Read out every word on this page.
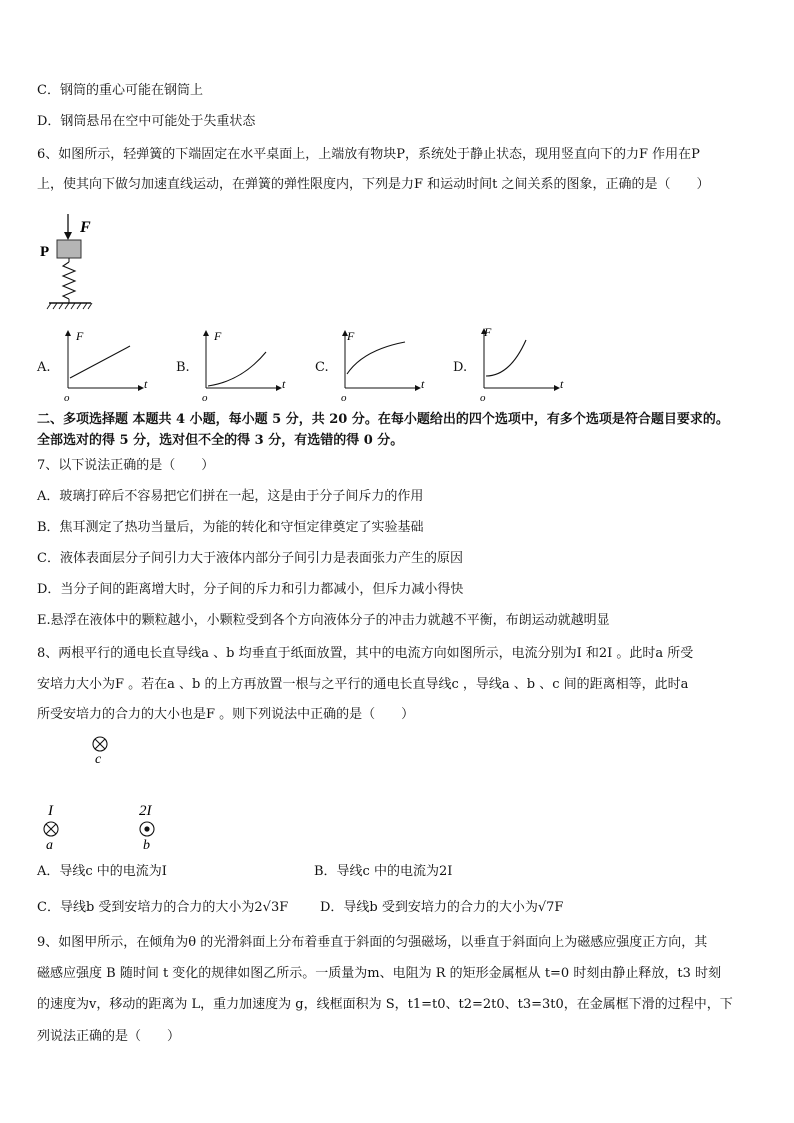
C．钢筒的重心可能在钢筒上
D．钢筒悬吊在空中可能处于失重状态
6、如图所示，轻弹簧的下端固定在水平桌面上，上端放有物块P，系统处于静止状态，现用竖直向下的力F 作用在P
上，使其向下做匀加速直线运动，在弹簧的弹性限度内，下列是力F 和运动时间t 之间关系的图象，正确的是（　　）
F
P
A.
F
t
o
B.
F
t
o
C.
F
t
o
D.
F
t
o
二、多项选择题 本题共 4 小题，每小题 5 分，共 20 分。在每小题给出的四个选项中，有多个选项是符合题目要求的。
全部选对的得 5 分，选对但不全的得 3 分，有选错的得 0 分。
7、以下说法正确的是（　　）
A．玻璃打碎后不容易把它们拼在一起，这是由于分子间斥力的作用
B．焦耳测定了热功当量后，为能的转化和守恒定律奠定了实验基础
C．液体表面层分子间引力大于液体内部分子间引力是表面张力产生的原因
D．当分子间的距离增大时，分子间的斥力和引力都减小，但斥力减小得快
E.悬浮在液体中的颗粒越小，小颗粒受到各个方向液体分子的冲击力就越不平衡，布朗运动就越明显
8、两根平行的通电长直导线a 、b 均垂直于纸面放置，其中的电流方向如图所示，电流分别为I 和2I 。此时a 所受
安培力大小为F 。若在a 、b 的上方再放置一根与之平行的通电长直导线c ，导线a 、b 、c 间的距离相等，此时a
所受安培力的合力的大小也是F 。则下列说法中正确的是（　　）
c
I
a
2I
b
A．导线c 中的电流为I	B．导线c 中的电流为2I
C．导线b 受到安培力的合力的大小为2√3F D．导线b 受到安培力的合力的大小为√7F
9、如图甲所示，在倾角为θ 的光滑斜面上分布着垂直于斜面的匀强磁场，以垂直于斜面向上为磁感应强度正方向，其
磁感应强度 B 随时间 t 变化的规律如图乙所示。一质量为m、电阻为 R 的矩形金属框从 t=0 时刻由静止释放，t3 时刻
的速度为v，移动的距离为 L，重力加速度为 g，线框面积为 S，t1=t0、t2=2t0、t3=3t0，在金属框下滑的过程中，下
列说法正确的是（　　）
